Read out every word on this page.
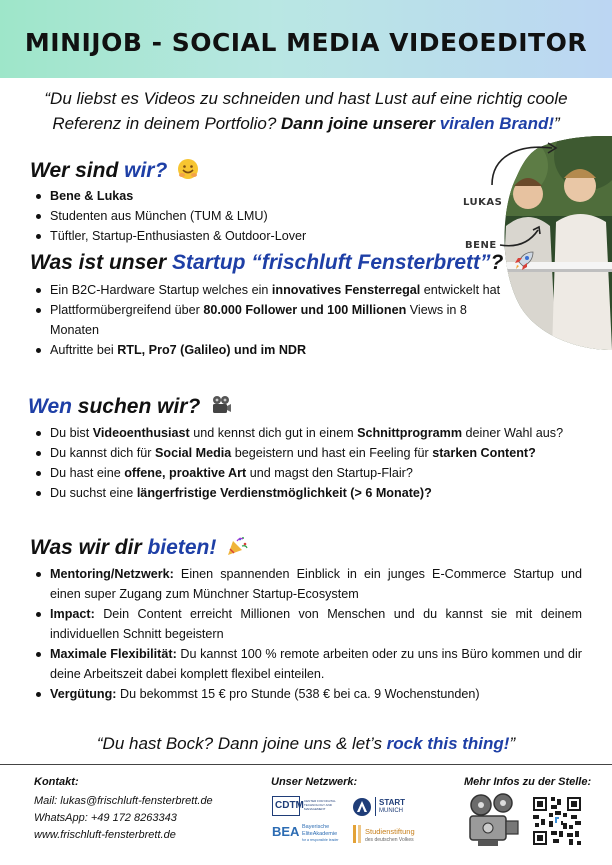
MINIJOB - SOCIAL MEDIA VIDEOEDITOR
“Du liebst es Videos zu schneiden und hast Lust auf eine richtig coole
Referenz in deinem Portfolio? Dann joine unserer viralen Brand!”
Wer sind wir?
Bene & Lukas
Studenten aus München (TUM & LMU)
Tüftler, Startup-Enthusiasten & Outdoor-Lover
LUKAS
BENE
Was ist unser Startup “frischluft Fensterbrett”?
Ein B2C-Hardware Startup welches ein innovatives Fensterregal entwickelt hat
Plattformübergreifend über 80.000 Follower und 100 Millionen Views in 8 Monaten
Auftritte bei RTL, Pro7 (Galileo) und im NDR
Wen suchen wir?
Du bist Videoenthusiast und kennst dich gut in einem Schnittprogramm deiner Wahl aus?
Du kannst dich für Social Media begeistern und hast ein Feeling für starken Content?
Du hast eine offene, proaktive Art und magst den Startup-Flair?
Du suchst eine längerfristige Verdienstmöglichkeit (> 6 Monate)?
Was wir dir bieten!
Mentoring/Netzwerk: Einen spannenden Einblick in ein junges E-Commerce Startup und einen super Zugang zum Münchner Startup-Ecosystem
Impact: Dein Content erreicht Millionen von Menschen und du kannst sie mit deinem individuellen Schnitt begeistern
Maximale Flexibilität: Du kannst 100 % remote arbeiten oder zu uns ins Büro kommen und dir deine Arbeitszeit dabei komplett flexibel einteilen.
Vergütung: Du bekommst 15 € pro Stunde (538 € bei ca. 9 Wochenstunden)
“Du hast Bock? Dann joine uns & let’s rock this thing!”
Kontakt:
Mail: lukas@frischluft-fensterbrett.de
WhatsApp: +49 172 8263343
www.frischluft-fensterbrett.de
Unser Netzwerk:
CDTM CENTER FOR DIGITAL TECHNOLOGY AND MANAGEMENT
START
MUNICH
BEA Bayerische
EliteAkademie
for a responsible leader
Studienstiftung
des deutschen Volkes
Mehr Infos zu der Stelle:
